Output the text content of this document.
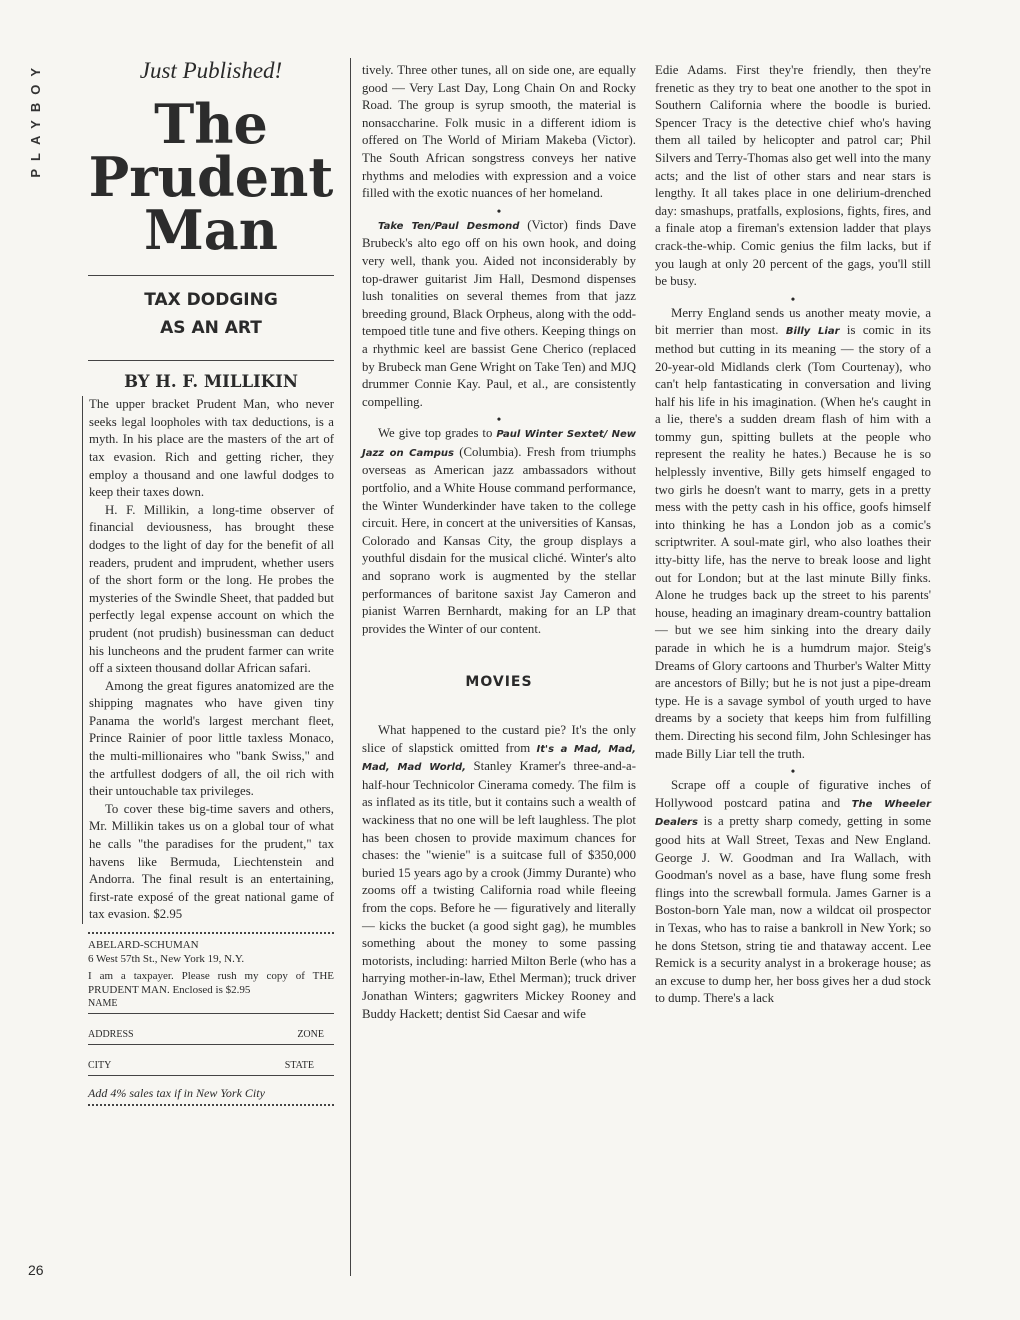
PLAYBOY
26
Just Published!
The
Prudent
Man
TAX DODGING
AS AN ART
BY H. F. MILLIKIN

The upper bracket Prudent Man, who never seeks legal loopholes with tax deductions, is a myth. In his place are the masters of the art of tax evasion. Rich and getting richer, they employ a thousand and one lawful dodges to keep their taxes down.

H. F. Millikin, a long-time observer of financial deviousness, has brought these dodges to the light of day for the benefit of all readers, prudent and imprudent, whether users of the short form or the long. He probes the mysteries of the Swindle Sheet, that padded but perfectly legal expense account on which the prudent (not prudish) businessman can deduct his luncheons and the prudent farmer can write off a sixteen thousand dollar African safari.

Among the great figures anatomized are the shipping magnates who have given tiny Panama the world's largest merchant fleet, Prince Rainier of poor little taxless Monaco, the multi-millionaires who "bank Swiss," and the artfullest dodgers of all, the oil rich with their untouchable tax privileges.

To cover these big-time savers and others, Mr. Millikin takes us on a global tour of what he calls "the paradises for the prudent," tax havens like Bermuda, Liechtenstein and Andorra. The final result is an entertaining, first-rate exposé of the great national game of tax evasion. $2.95

ABELARD-SCHUMAN
6 West 57th St., New York 19, N.Y.
I am a taxpayer. Please rush my copy of THE PRUDENT MAN. Enclosed is $2.95
NAME
ADDRESS	ZONE
CITY	STATE
Add 4% sales tax if in New York City

tively. Three other tunes, all on side one, are equally good — Very Last Day, Long Chain On and Rocky Road. The group is syrup smooth, the material is nonsaccharine. Folk music in a different idiom is offered on The World of Miriam Makeba (Victor). The South African songstress conveys her native rhythms and melodies with expression and a voice filled with the exotic nuances of her homeland.

•

Take Ten/Paul Desmond (Victor) finds Dave Brubeck's alto ego off on his own hook, and doing very well, thank you. Aided not inconsiderably by top-drawer guitarist Jim Hall, Desmond dispenses lush tonalities on several themes from that jazz breeding ground, Black Orpheus, along with the odd-tempoed title tune and five others. Keeping things on a rhythmic keel are bassist Gene Cherico (replaced by Brubeck man Gene Wright on Take Ten) and MJQ drummer Connie Kay. Paul, et al., are consistently compelling.

•

We give top grades to Paul Winter Sextet/ New Jazz on Campus (Columbia). Fresh from triumphs overseas as American jazz ambassadors without portfolio, and a White House command performance, the Winter Wunderkinder have taken to the college circuit. Here, in concert at the universities of Kansas, Colorado and Kansas City, the group displays a youthful disdain for the musical cliché. Winter's alto and soprano work is augmented by the stellar performances of baritone saxist Jay Cameron and pianist Warren Bernhardt, making for an LP that provides the Winter of our content.

MOVIES

What happened to the custard pie? It's the only slice of slapstick omitted from It's a Mad, Mad, Mad, Mad World, Stanley Kramer's three-and-a-half-hour Technicolor Cinerama comedy. The film is as inflated as its title, but it contains such a wealth of wackiness that no one will be left laughless. The plot has been chosen to provide maximum chances for chases: the "wienie" is a suitcase full of $350,000 buried 15 years ago by a crook (Jimmy Durante) who zooms off a twisting California road while fleeing from the cops. Before he — figuratively and literally — kicks the bucket (a good sight gag), he mumbles something about the money to some passing motorists, including: harried Milton Berle (who has a harrying mother-in-law, Ethel Merman); truck driver Jonathan Winters; gagwriters Mickey Rooney and Buddy Hackett; dentist Sid Caesar and wife

Edie Adams. First they're friendly, then they're frenetic as they try to beat one another to the spot in Southern California where the boodle is buried. Spencer Tracy is the detective chief who's having them all tailed by helicopter and patrol car; Phil Silvers and Terry-Thomas also get well into the many acts; and the list of other stars and near stars is lengthy. It all takes place in one delirium-drenched day: smashups, pratfalls, explosions, fights, fires, and a finale atop a fireman's extension ladder that plays crack-the-whip. Comic genius the film lacks, but if you laugh at only 20 percent of the gags, you'll still be busy.

•

Merry England sends us another meaty movie, a bit merrier than most. Billy Liar is comic in its method but cutting in its meaning — the story of a 20-year-old Midlands clerk (Tom Courtenay), who can't help fantasticating in conversation and living half his life in his imagination. (When he's caught in a lie, there's a sudden dream flash of him with a tommy gun, spitting bullets at the people who represent the reality he hates.) Because he is so helplessly inventive, Billy gets himself engaged to two girls he doesn't want to marry, gets in a pretty mess with the petty cash in his office, goofs himself into thinking he has a London job as a comic's scriptwriter. A soul-mate girl, who also loathes their itty-bitty life, has the nerve to break loose and light out for London; but at the last minute Billy finks. Alone he trudges back up the street to his parents' house, heading an imaginary dream-country battalion — but we see him sinking into the dreary daily parade in which he is a humdrum major. Steig's Dreams of Glory cartoons and Thurber's Walter Mitty are ancestors of Billy; but he is not just a pipe-dream type. He is a savage symbol of youth urged to have dreams by a society that keeps him from fulfilling them. Directing his second film, John Schlesinger has made Billy Liar tell the truth.

•

Scrape off a couple of figurative inches of Hollywood postcard patina and The Wheeler Dealers is a pretty sharp comedy, getting in some good hits at Wall Street, Texas and New England. George J. W. Goodman and Ira Wallach, with Goodman's novel as a base, have flung some fresh flings into the screwball formula. James Garner is a Boston-born Yale man, now a wildcat oil prospector in Texas, who has to raise a bankroll in New York; so he dons Stetson, string tie and thataway accent. Lee Remick is a security analyst in a brokerage house; as an excuse to dump her, her boss gives her a dud stock to dump. There's a lack
